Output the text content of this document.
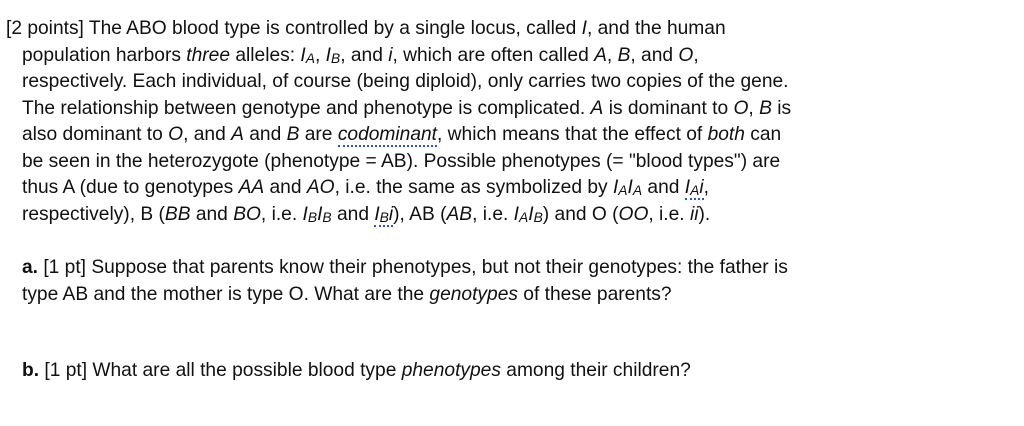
[2 points] The ABO blood type is controlled by a single locus, called I, and the human
population harbors three alleles: $I_A$, $I_B$, and i, which are often called A, B, and O,
respectively. Each individual, of course (being diploid), only carries two copies of the gene.
The relationship between genotype and phenotype is complicated. A is dominant to O, B is
also dominant to O, and A and B are codominant, which means that the effect of both can
be seen in the heterozygote (phenotype = AB). Possible phenotypes (= "blood types") are
thus A (due to genotypes AA and AO, i.e. the same as symbolized by $I_AI_A$ and $I_Ai$,
respectively), B (BB and BO, i.e. $I_BI_B$ and $I_Bi$), AB (AB, i.e. $I_AI_B$) and O (OO, i.e. ii).
a. [1 pt] Suppose that parents know their phenotypes, but not their genotypes: the father is
type AB and the mother is type O. What are the genotypes of these parents?
b. [1 pt] What are all the possible blood type phenotypes among their children?
